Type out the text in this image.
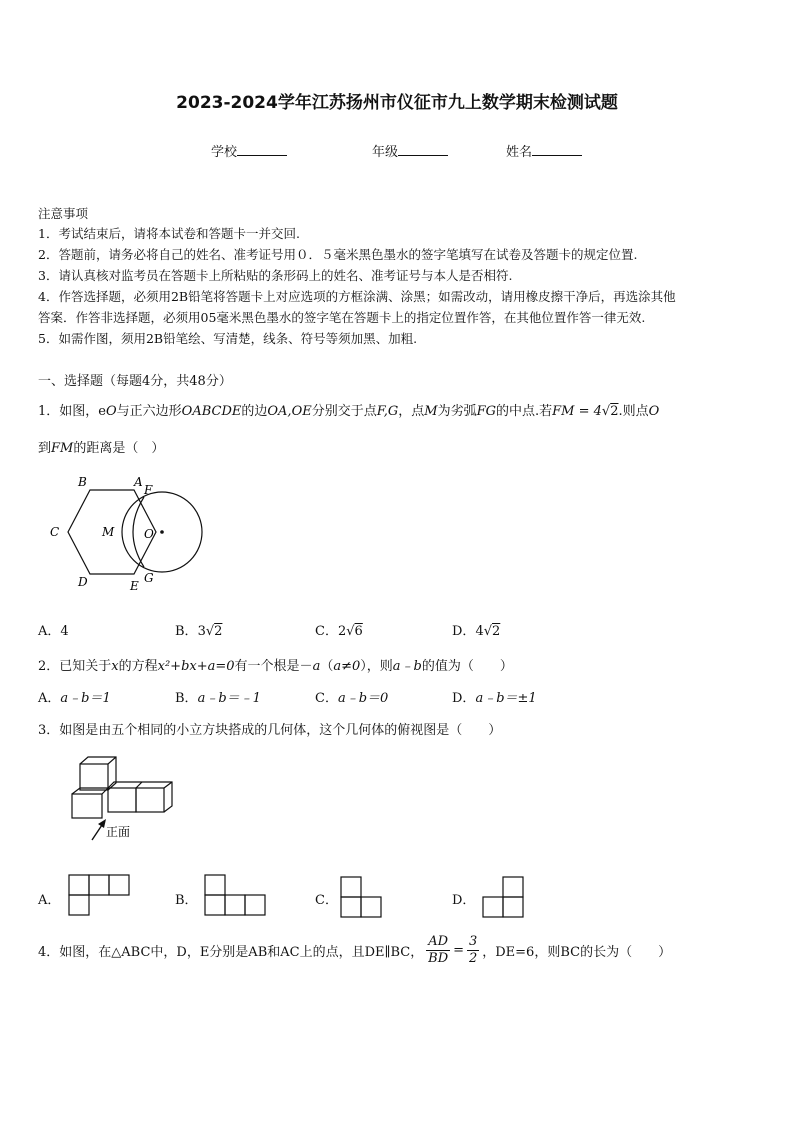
2023-2024学年江苏扬州市仪征市九上数学期末检测试题
学校	年级	姓名
注意事项
1．考试结束后，请将本试卷和答题卡一并交回.
2．答题前，请务必将自己的姓名、准考证号用０．５毫米黑色墨水的签字笔填写在试卷及答题卡的规定位置.
3．请认真核对监考员在答题卡上所粘贴的条形码上的姓名、准考证号与本人是否相符.
4．作答选择题，必须用2B铅笔将答题卡上对应选项的方框涂满、涂黑；如需改动，请用橡皮擦干净后，再选涂其他
答案．作答非选择题，必须用05毫米黑色墨水的签字笔在答题卡上的指定位置作答，在其他位置作答一律无效.
5．如需作图，须用2B铅笔绘、写清楚，线条、符号等须加黑、加粗.
一、选择题（每题4分，共48分）
1．如图，eO与正六边形OABCDE的边OA,OE分别交于点F,G，点M为劣弧FG的中点.若FM = 4√2.则点O
到FM的距离是（　）
B	A
F
C	M O
D	E
G
A．4	B．3√2	C．2√6	D．4√2
2．已知关于x的方程x²+bx+a=0有一个根是－a（a≠0），则a﹣b的值为（　　）
A．a﹣b＝1	B．a﹣b＝﹣1	C．a﹣b＝0	D．a﹣b＝±1
3．如图是由五个相同的小立方块搭成的几何体，这个几何体的俯视图是（　　）
正面
A．	B．	C．	D．
4．如图，在△ABC中，D，E分别是AB和AC上的点，且DE∥BC， $\frac{AD}{BD} = \frac{3}{2}$ ，DE=6，则BC的长为（　　）
